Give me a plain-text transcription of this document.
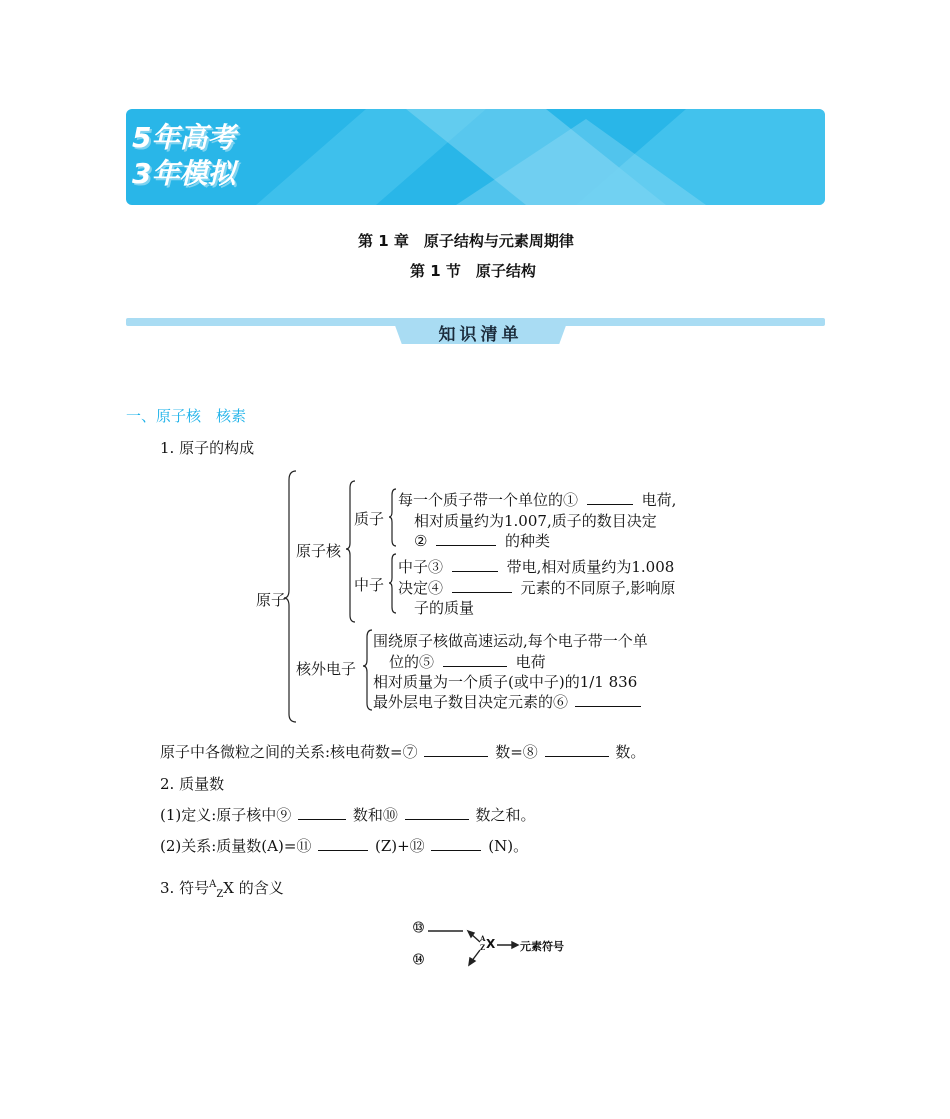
5年高考
3年模拟
第 1 章　原子结构与元素周期律
第 1 节　原子结构
知识清单
一、原子核　核素
1. 原子的构成
原子
原子核
质子
中子
核外电子
每一个质子带一个单位的①	电荷,
相对质量约为1.007,质子的数目决定
②	的种类
中子③	带电,相对质量约为1.008
决定④	元素的不同原子,影响原
子的质量
围绕原子核做高速运动,每个电子带一个单
位的⑤	电荷
相对质量为一个质子(或中子)的1/1 836
最外层电子数目决定元素的⑥
原子中各微粒之间的关系:核电荷数=⑦	数=⑧	数。
2. 质量数
(1)定义:原子核中⑨	数和⑩	数之和。
(2)关系:质量数(A)=⑪	(Z)+⑫	(N)。
3. 符号$^A_Z$X 的含义
⑬
⑭
A
Z X 元素符号
